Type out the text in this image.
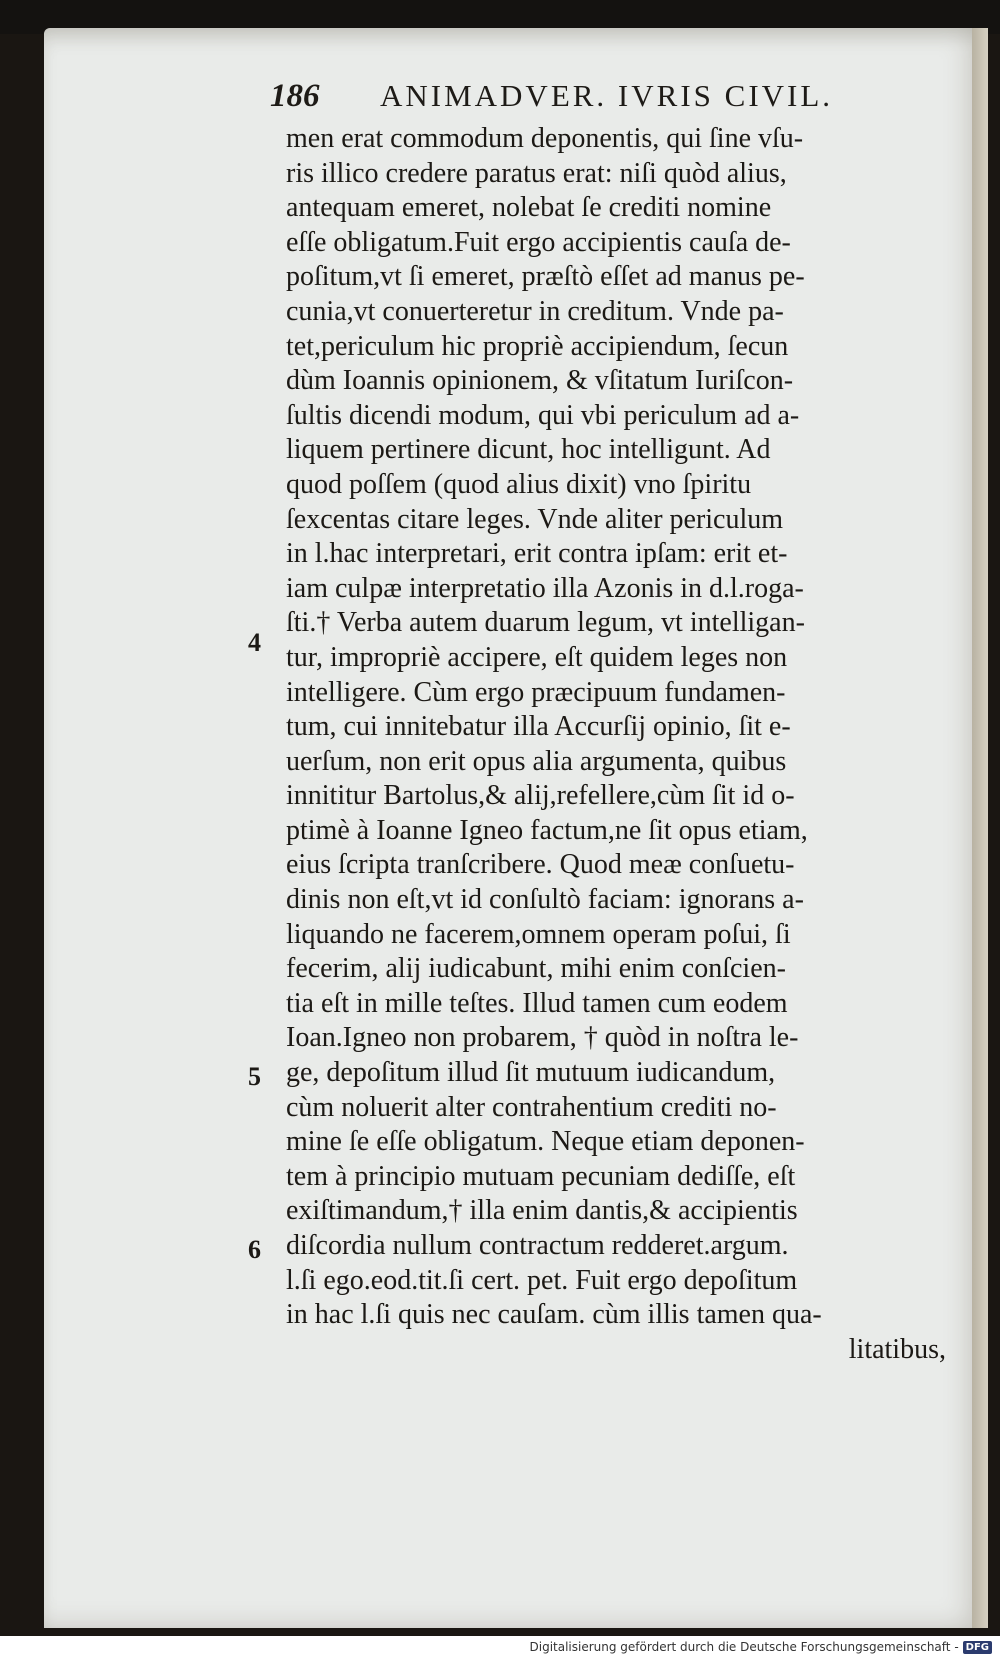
186	ANIMADVER. IVRIS CIVIL.
men erat commodum deponentis, qui ſine vſu-
ris illico credere paratus erat: niſi quòd alius,
antequam emeret, nolebat ſe crediti nomine
eſſe obligatum.Fuit ergo accipientis cauſa de-
poſitum,vt ſi emeret, præſtò eſſet ad manus pe-
cunia,vt conuerteretur in creditum. Vnde pa-
tet,periculum hic propriè accipiendum, ſecun
dùm Ioannis opinionem, & vſitatum Iuriſcon-
ſultis dicendi modum, qui vbi periculum ad a-
liquem pertinere dicunt, hoc intelligunt. Ad
quod poſſem (quod alius dixit) vno ſpiritu
ſexcentas citare leges. Vnde aliter periculum
in l.hac interpretari, erit contra ipſam: erit et-
iam culpæ interpretatio illa Azonis in d.l.roga-
ſti.† Verba autem duarum legum, vt intelligan-
tur, impropriè accipere, eſt quidem leges non
intelligere. Cùm ergo præcipuum fundamen-
tum, cui innitebatur illa Accurſij opinio, ſit e-
uerſum, non erit opus alia argumenta, quibus
innititur Bartolus,& alij,refellere,cùm ſit id o-
ptimè à Ioanne Igneo factum,ne ſit opus etiam,
eius ſcripta tranſcribere. Quod meæ conſuetu-
dinis non eſt,vt id conſultò faciam: ignorans a-
liquando ne facerem,omnem operam poſui, ſi
fecerim, alij iudicabunt, mihi enim conſcien-
tia eſt in mille teſtes. Illud tamen cum eodem
Ioan.Igneo non probarem, † quòd in noſtra le-
ge, depoſitum illud ſit mutuum iudicandum,
cùm noluerit alter contrahentium crediti no-
mine ſe eſſe obligatum. Neque etiam deponen-
tem à principio mutuam pecuniam dediſſe, eſt
exiſtimandum,† illa enim dantis,& accipientis
diſcordia nullum contractum redderet.argum.
l.ſi ego.eod.tit.ſi cert. pet. Fuit ergo depoſitum
in hac l.ſi quis nec cauſam. cùm illis tamen qua-
litatibus,
4
5
6
Digitalisierung gefördert durch die Deutsche Forschungsgemeinschaft - DFG
